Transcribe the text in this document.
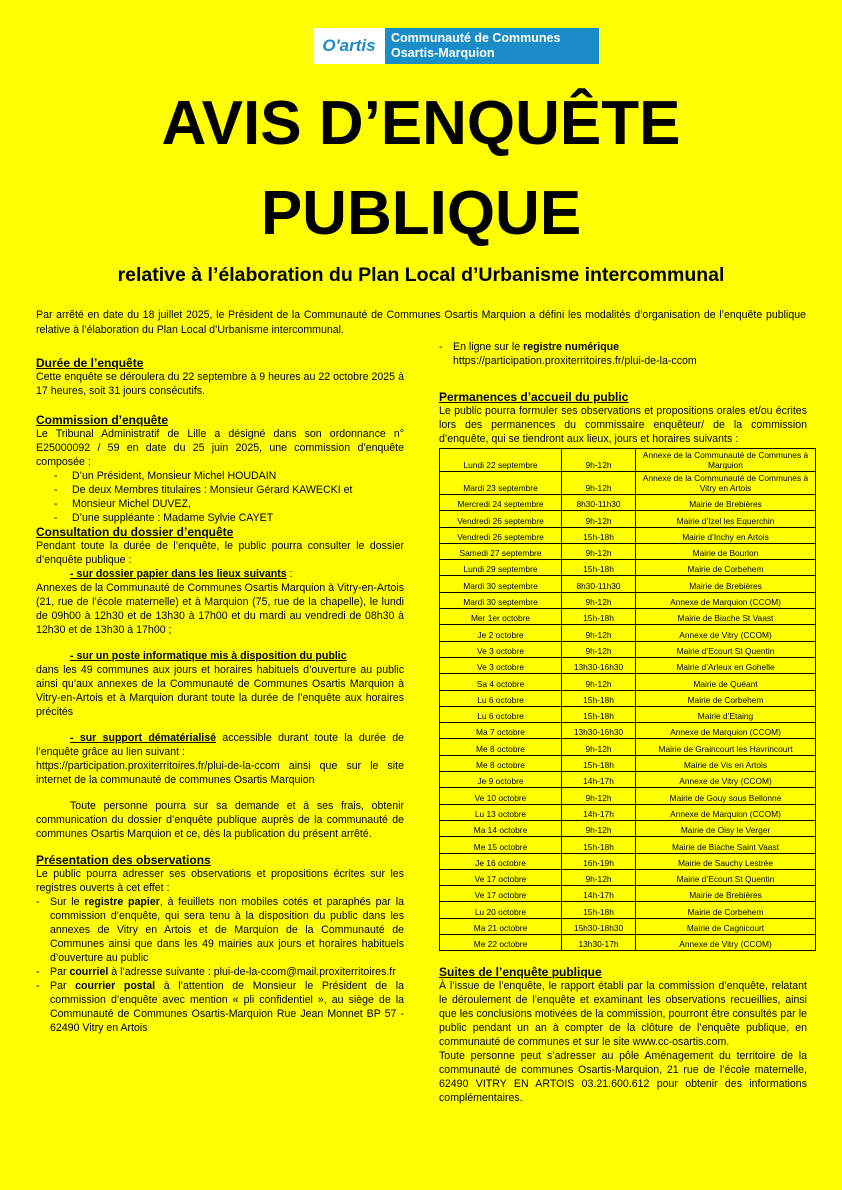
O'artis	Communauté de Communes
Osartis-Marquion
AVIS D’ENQUÊTE
PUBLIQUE
relative à l’élaboration du Plan Local d’Urbanisme intercommunal

Par arrêté en date du 18 juillet 2025, le Président de la Communauté de Communes Osartis Marquion a défini les modalités d’organisation de l’enquête publique relative à l’élaboration du Plan Local d’Urbanisme intercommunal.

Durée de l’enquête

Cette enquête se déroulera du 22 septembre à 9 heures au 22 octobre 2025 à 17 heures, soit 31 jours consécutifs.

Commission d’enquête

Le Tribunal Administratif de Lille a désigné dans son ordonnance n° E25000092 / 59 en date du 25 juin 2025, une commission d’enquête composée :

- D’un Président, Monsieur Michel HOUDAIN
- De deux Membres titulaires : Monsieur Gérard KAWECKI et
- Monsieur Michel DUVEZ,
- D’une suppléante : Madame Sylvie CAYET

Consultation du dossier d’enquête

Pendant toute la durée de l’enquête, le public pourra consulter le dossier d’enquête publique :

- sur dossier papier dans les lieux suivants :

Annexes de la Communauté de Communes Osartis Marquion à Vitry-en-Artois (21, rue de l’école maternelle) et à Marquion (75, rue de la chapelle), le lundi de 09h00 à 12h30 et de 13h30 à 17h00 et du mardi au vendredi de 08h30 à 12h30 et de 13h30 à 17h00 ;

- sur un poste informatique mis à disposition du public

dans les 49 communes aux jours et horaires habituels d’ouverture au public ainsi qu’aux annexes de la Communauté de Communes Osartis Marquion à Vitry-en-Artois et à Marquion durant toute la durée de l’enquête aux horaires précités

- sur support dématérialisé accessible durant toute la durée de l’enquête grâce au lien suivant :

https://participation.proxiterritoires.fr/plui-de-la-ccom ainsi que sur le site internet de la communauté de communes Osartis Marquion

Toute personne pourra sur sa demande et à ses frais, obtenir communication du dossier d’enquête publique auprès de la communauté de communes Osartis Marquion et ce, dès la publication du présent arrêté.

Présentation des observations

Le public pourra adresser ses observations et propositions écrites sur les registres ouverts à cet effet :

- Sur le registre papier, à feuillets non mobiles cotés et paraphés par la commission d’enquête, qui sera tenu à la disposition du public dans les annexes de Vitry en Artois et de Marquion de la Communauté de Communes ainsi que dans les 49 mairies aux jours et horaires habituels d’ouverture au public
- Par courriel à l’adresse suivante : plui-de-la-ccom@mail.proxiterritoires.fr
- Par courrier postal à l’attention de Monsieur le Président de la commission d’enquête avec mention « pli confidentiel », au siège de la Communauté de Communes Osartis-Marquion Rue Jean Monnet BP 57 - 62490 Vitry en Artois
- En ligne sur le registre numérique
https://participation.proxiterritoires.fr/plui-de-la-ccom

Permanences d’accueil du public

Le public pourra formuler ses observations et propositions orales et/ou écrites lors des permanences du commissaire enquêteur/ de la commission d’enquête, qui se tiendront aux lieux, jours et horaires suivants :

Lundi 22 septembre	9h-12h	Annexe de la Communauté de Communes à Marquion
Mardi 23 septembre	9h-12h	Annexe de la Communauté de Communes à Vitry en Artois
Mercredi 24 septembre	8h30-11h30	Mairie de Brebières
Vendredi 26 septembre	9h-12h	Mairie d’Izel les Equerchin
Vendredi 26 septembre	15h-18h	Mairie d’Inchy en Artois
Samedi 27 septembre	9h-12h	Mairie de Bourlon
Lundi 29 septembre	15h-18h	Mairie de Corbehem
Mardi 30 septembre	8h30-11h30	Mairie de Brebières
Mardi 30 septembre	9h-12h	Annexe de Marquion (CCOM)
Mer 1er octobre	15h-18h	Mairie de Biache St Vaast
Je 2 octobre	9h-12h	Annexe de Vitry (CCOM)
Ve 3 octobre	9h-12h	Mairie d’Ecourt St Quentin
Ve 3 octobre	13h30-16h30	Mairie d’Arleux en Gohelle
Sa 4 octobre	9h-12h	Mairie de Quéant
Lu 6 octobre	15h-18h	Mairie de Corbehem
Lu 6 octobre	15h-18h	Mairie d’Etaing
Ma 7 octobre	13h30-16h30	Annexe de Marquion (CCOM)
Me 8 octobre	9h-12h	Mairie de Graincourt les Havrincourt
Me 8 octobre	15h-18h	Mairie de Vis en Artois
Je 9 octobre	14h-17h	Annexe de Vitry (CCOM)
Ve 10 octobre	9h-12h	Mairie de Gouy sous Bellonne
Lu 13 octobre	14h-17h	Annexe de Marquion (CCOM)
Ma 14 octobre	9h-12h	Mairie de Oisy le Verger
Me 15 octobre	15h-18h	Mairie de Biache Saint Vaast
Je 16 octobre	16h-19h	Mairie de Sauchy Lestrée
Ve 17 octobre	9h-12h	Mairie d’Ecourt St Quentin
Ve 17 octobre	14h-17h	Mairie de Brebières
Lu 20 octobre	15h-18h	Mairie de Corbehem
Ma 21 octobre	15h30-18h30	Mairie de Cagnicourt
Me 22 octobre	13h30-17h	Annexe de Vitry (CCOM)

Suites de l’enquête publique

À l’issue de l’enquête, le rapport établi par la commission d’enquête, relatant le déroulement de l’enquête et examinant les observations recueillies, ainsi que les conclusions motivées de la commission, pourront être consultés par le public pendant un an à compter de la clôture de l’enquête publique, en communauté de communes et sur le site www.cc-osartis.com.

Toute personne peut s’adresser au pôle Aménagement du territoire de la communauté de communes Osartis-Marquion, 21 rue de l’école maternelle, 62490 VITRY EN ARTOIS 03.21.600.612 pour obtenir des informations complémentaires.
